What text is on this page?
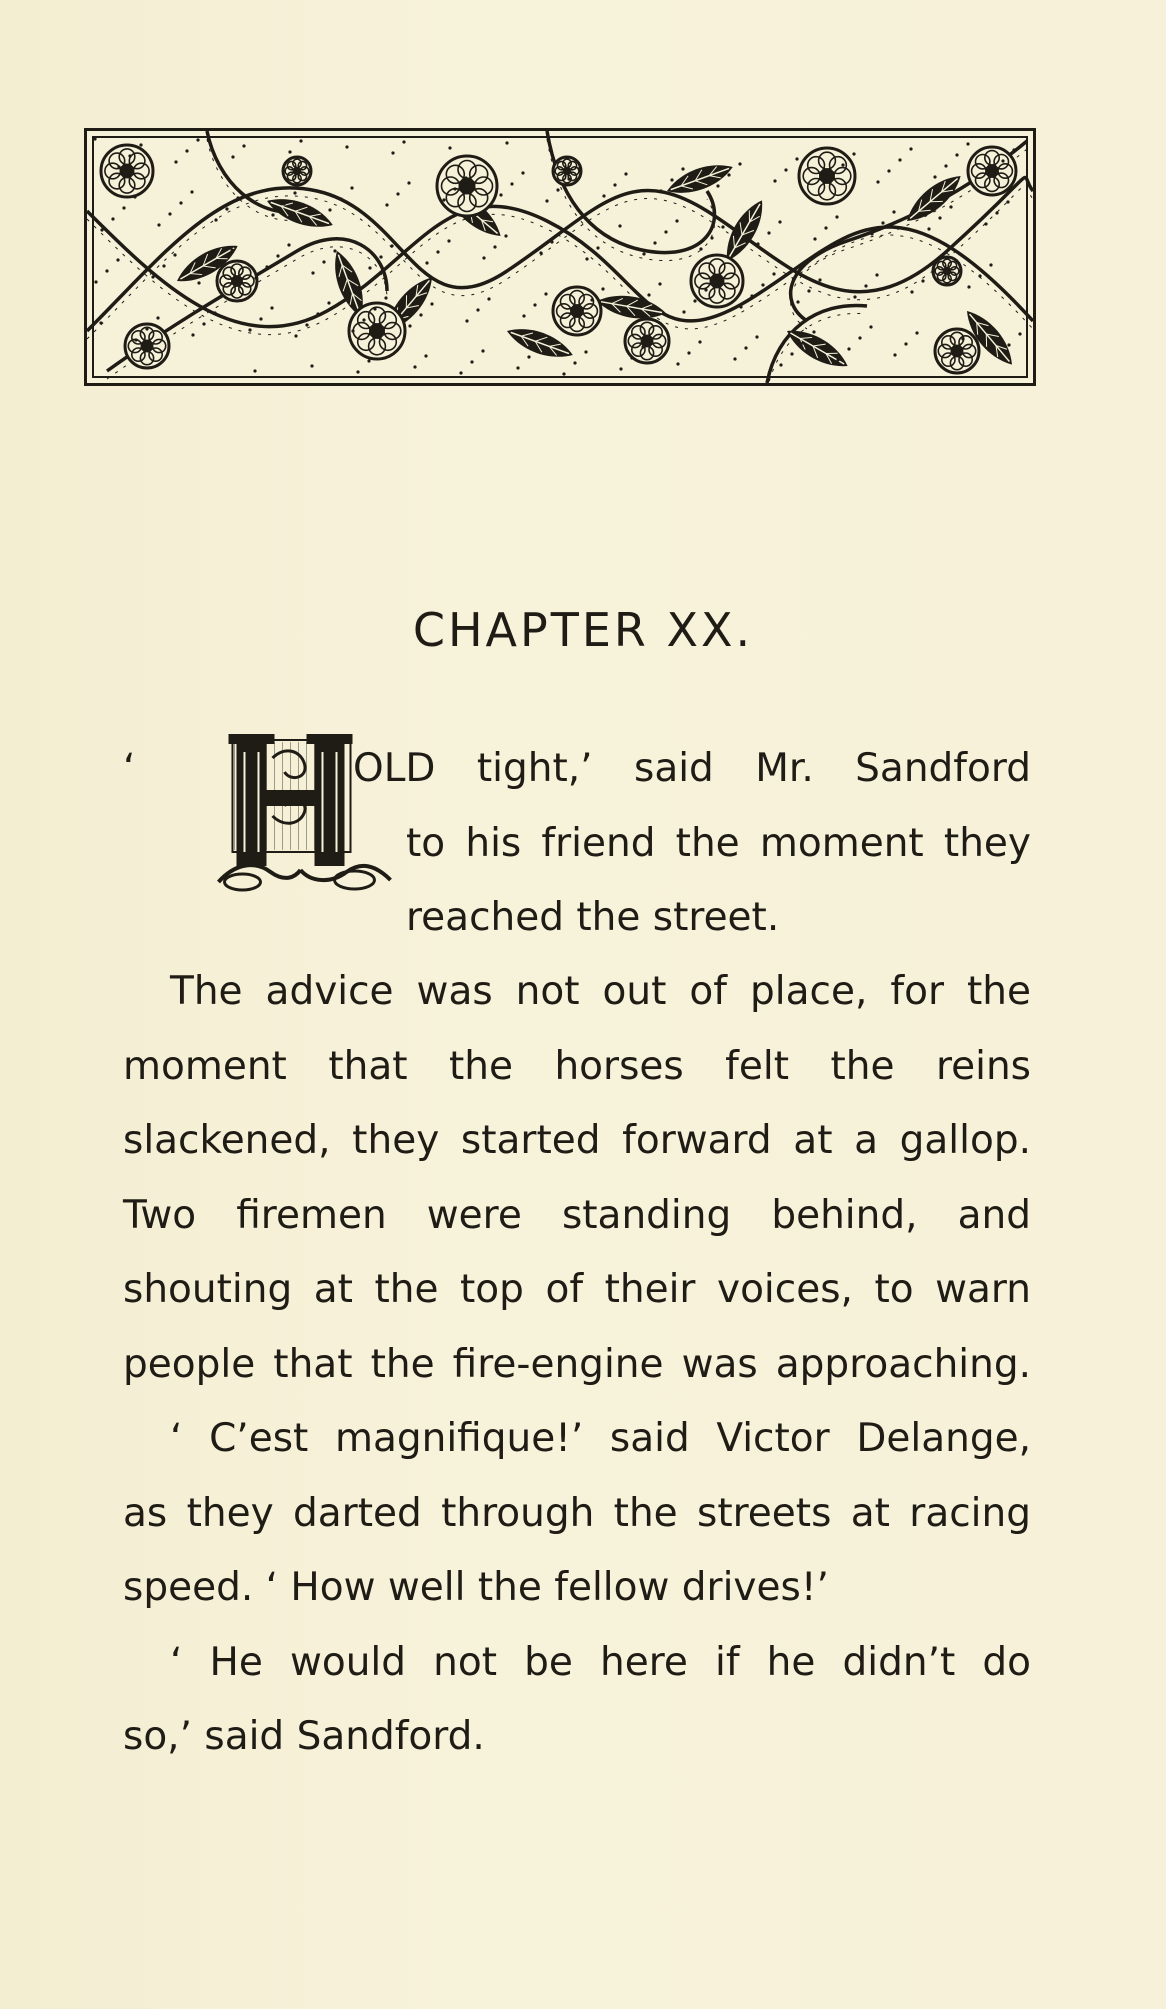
CHAPTER XX.
‘	OLD tight,’ said Mr. Sandford
to his friend the moment they
reached the street.
The advice was not out of place, for the
moment that the horses felt the reins
slackened, they started forward at a gallop.
Two firemen were standing behind, and
shouting at the top of their voices, to warn
people that the fire-engine was approaching.
‘ C’est magnifique!’ said Victor Delange,
as they darted through the streets at racing
speed. ‘ How well the fellow drives!’
‘ He would not be here if he didn’t do
so,’ said Sandford.
